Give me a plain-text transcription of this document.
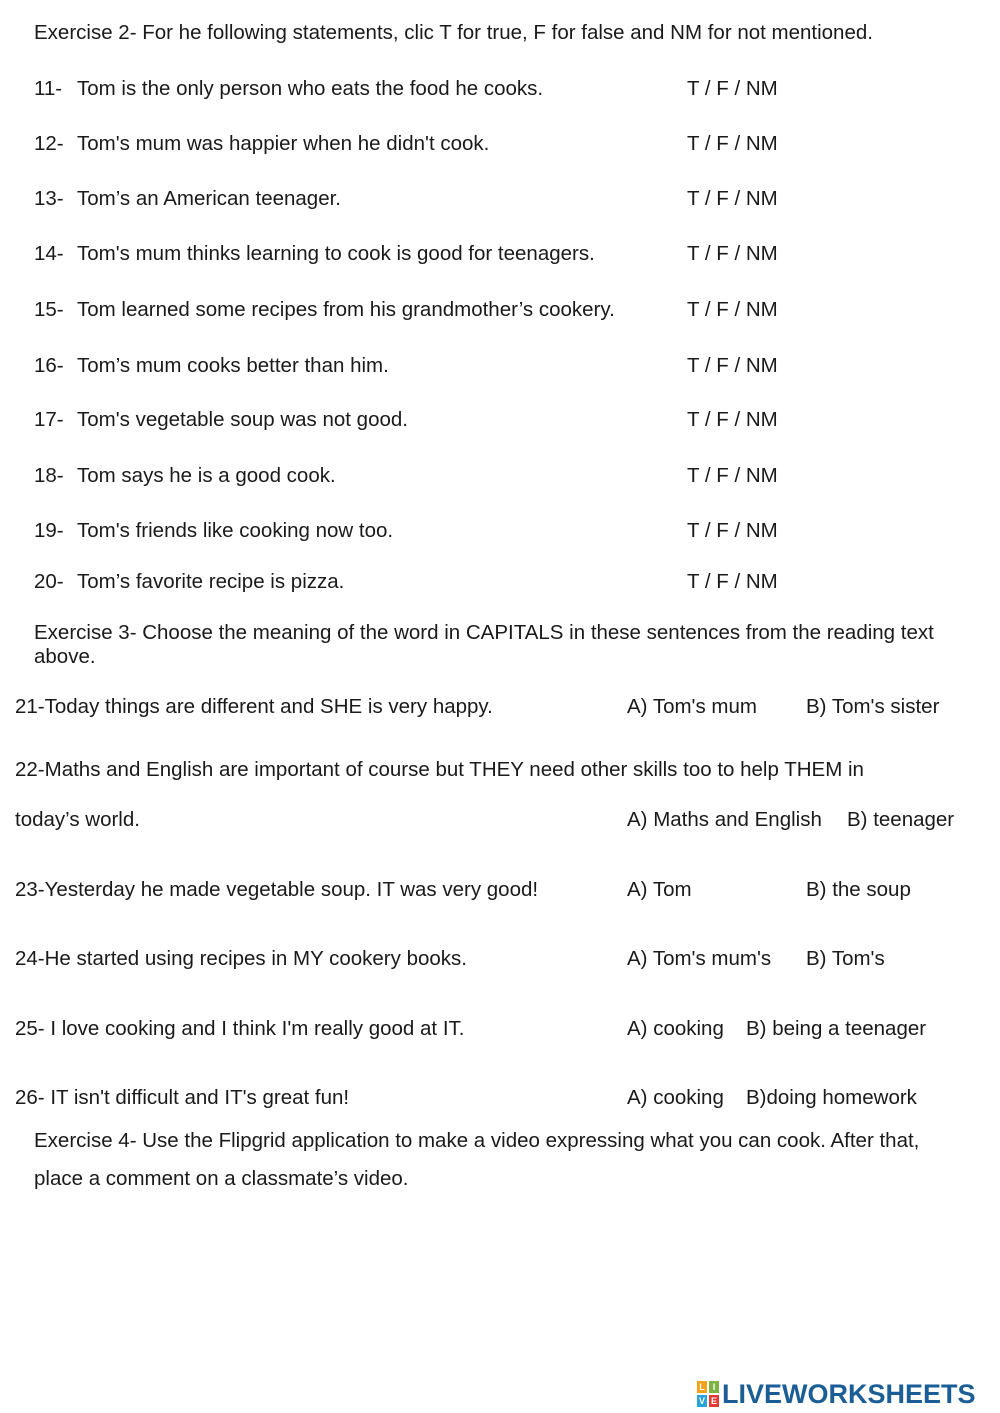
Exercise 2- For he following statements, clic T for true, F for false and NM for not mentioned.
11- Tom is the only person who eats the food he cooks.	T / F / NM
12- Tom's mum was happier when he didn't cook.	T / F / NM
13- Tom’s an American teenager.	T / F / NM
14- Tom's mum thinks learning to cook is good for teenagers.	T / F / NM
15- Tom learned some recipes from his grandmother’s cookery.	T / F / NM
16- Tom’s mum cooks better than him.	T / F / NM
17- Tom's vegetable soup was not good.	T / F / NM
18- Tom says he is a good cook.	T / F / NM
19- Tom's friends like cooking now too.	T / F / NM
20- Tom’s favorite recipe is pizza.	T / F / NM
Exercise 3- Choose the meaning of the word in CAPITALS in these sentences from the reading text above.
21-Today things are different and SHE is very happy.	A) Tom's mum B) Tom's sister
22-Maths and English are important of course but THEY need other skills too to help THEM in
today’s world.	A) Maths and English B) teenager
23-Yesterday he made vegetable soup. IT was very good!	A) Tom	B) the soup
24-He started using recipes in MY cookery books.	A) Tom's mum's B) Tom's
25- I love cooking and I think I'm really good at IT.	A) cooking B) being a teenager
26- IT isn't difficult and IT's great fun!	A) cooking B)doing homework
Exercise 4- Use the Flipgrid application to make a video expressing what you can cook. After that,
place a comment on a classmate’s video.
L I
V E LIVEWORKSHEETS
